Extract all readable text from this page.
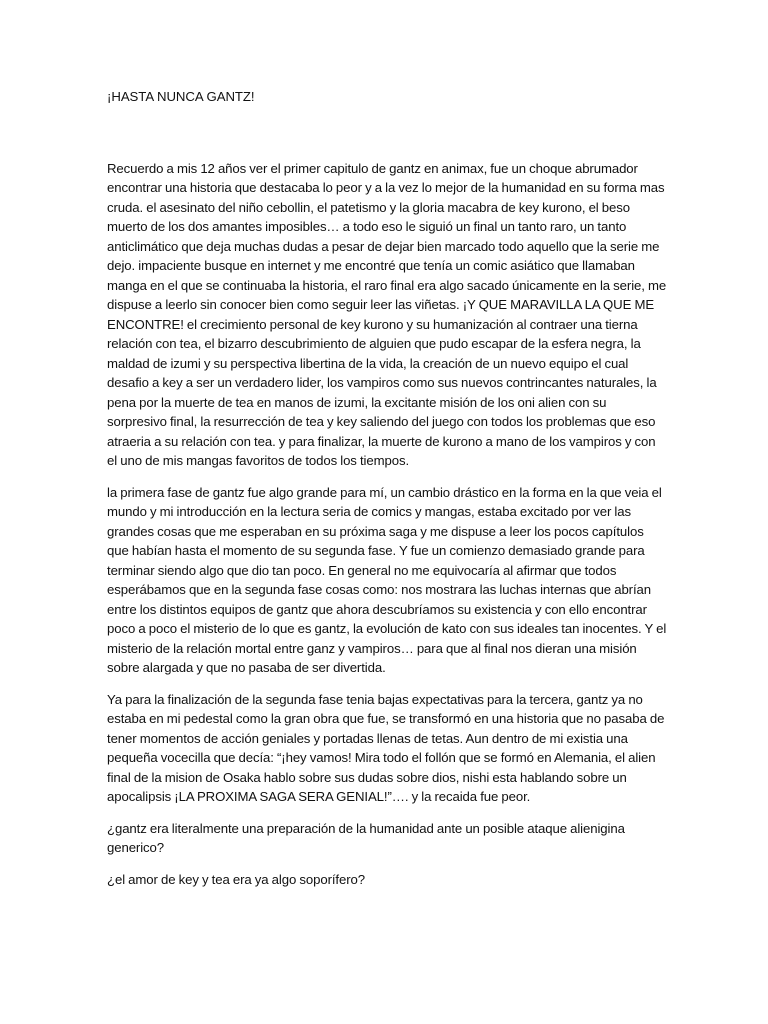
¡HASTA NUNCA GANTZ!

Recuerdo a mis 12 años ver el primer capitulo de gantz en animax, fue un choque abrumador encontrar una historia que destacaba lo peor y a la vez lo mejor de la humanidad en su forma mas cruda. el asesinato del niño cebollin, el patetismo y la gloria macabra de key kurono, el beso muerto de los dos amantes imposibles… a todo eso le siguió un final un tanto raro, un tanto anticlimático que deja muchas dudas a pesar de dejar bien marcado todo aquello que la serie me dejo. impaciente busque en internet y me encontré que tenía un comic asiático que llamaban manga en el que se continuaba la historia, el raro final era algo sacado únicamente en la serie, me dispuse a leerlo sin conocer bien como seguir leer las viñetas. ¡Y QUE MARAVILLA LA QUE ME ENCONTRE! el crecimiento personal de key kurono y su humanización al contraer una tierna relación con tea, el bizarro descubrimiento de alguien que pudo escapar de la esfera negra, la maldad de izumi y su perspectiva libertina de la vida, la creación de un nuevo equipo el cual desafio a key a ser un verdadero lider, los vampiros como sus nuevos contrincantes naturales, la pena por la muerte de tea en manos de izumi, la excitante misión de los oni alien con su sorpresivo final, la resurrección de tea y key saliendo del juego con todos los problemas que eso atraeria a su relación con tea. y para finalizar, la muerte de kurono a mano de los vampiros y con el uno de mis mangas favoritos de todos los tiempos.

la primera fase de gantz fue algo grande para mí, un cambio drástico en la forma en la que veia el mundo y mi introducción en la lectura seria de comics y mangas, estaba excitado por ver las grandes cosas que me esperaban en su próxima saga y me dispuse a leer los pocos capítulos que habían hasta el momento de su segunda fase. Y fue un comienzo demasiado grande para terminar siendo algo que dio tan poco. En general no me equivocaría al afirmar que todos esperábamos que en la segunda fase cosas como: nos mostrara las luchas internas que abrían entre los distintos equipos de gantz que ahora descubríamos su existencia y con ello encontrar poco a poco el misterio de lo que es gantz, la evolución de kato con sus ideales tan inocentes. Y el misterio de la relación mortal entre ganz y vampiros… para que al final nos dieran una misión sobre alargada y que no pasaba de ser divertida.

Ya para la finalización de la segunda fase tenia bajas expectativas para la tercera, gantz ya no estaba en mi pedestal como la gran obra que fue, se transformó en una historia que no pasaba de tener momentos de acción geniales y portadas llenas de tetas. Aun dentro de mi existia una pequeña vocecilla que decía: “¡hey vamos! Mira todo el follón que se formó en Alemania, el alien final de la mision de Osaka hablo sobre sus dudas sobre dios, nishi esta hablando sobre un apocalipsis ¡LA PROXIMA SAGA SERA GENIAL!”…. y la recaida fue peor.

¿gantz era literalmente una preparación de la humanidad ante un posible ataque alienigina generico?

¿el amor de key y tea era ya algo soporífero?
